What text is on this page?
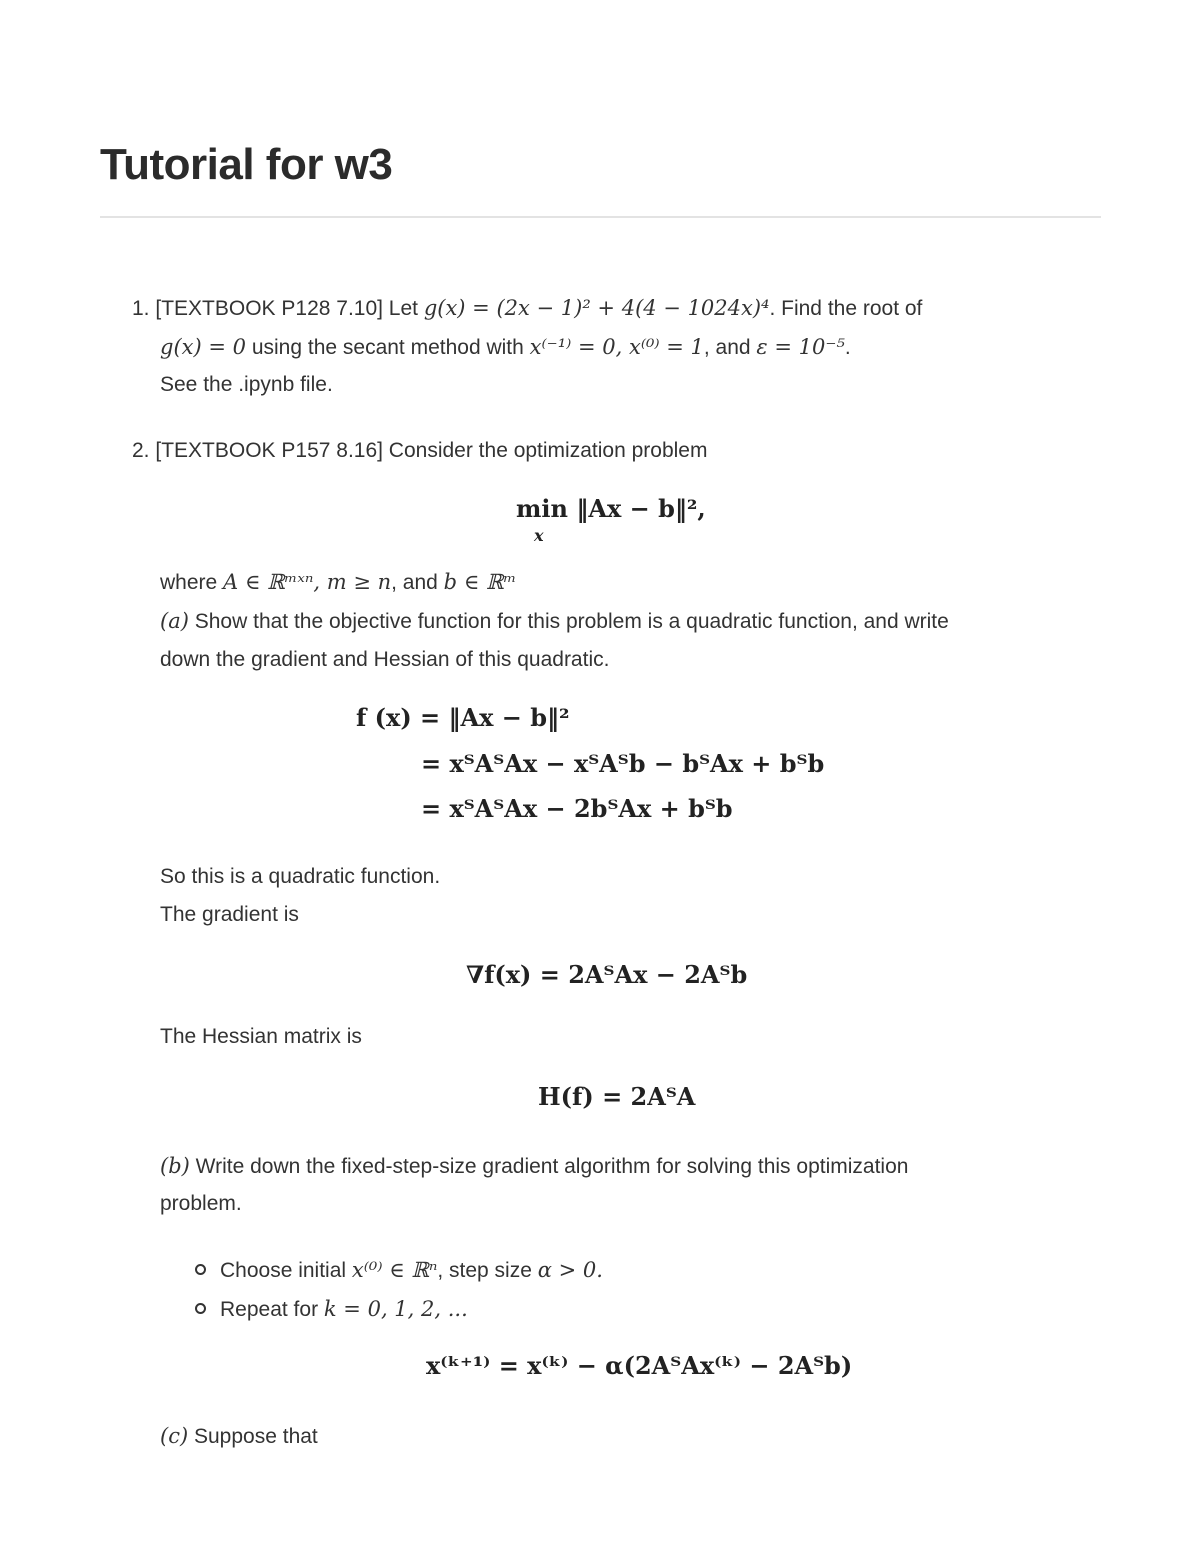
Tutorial for w3
1. [TEXTBOOK P128 7.10] Let g(x) = (2x − 1)² + 4(4 − 1024x)⁴. Find the root of
g(x) = 0 using the secant method with x⁽⁻¹⁾ = 0, x⁽⁰⁾ = 1, and ε = 10⁻⁵.
See the .ipynb file.
2. [TEXTBOOK P157 8.16] Consider the optimization problem
min ‖Ax − b‖²,
x
where A ∈ ℝᵐˣⁿ, m ≥ n, and b ∈ ℝᵐ
(a) Show that the objective function for this problem is a quadratic function, and write
down the gradient and Hessian of this quadratic.
f (x) = ‖Ax − b‖²
= xᵀAᵀAx − xᵀAᵀb − bᵀAx + bᵀb
= xᵀAᵀAx − 2bᵀAx + bᵀb
So this is a quadratic function.
The gradient is
∇f(x) = 2AᵀAx − 2Aᵀb
The Hessian matrix is
H(f) = 2AᵀA
(b) Write down the fixed-step-size gradient algorithm for solving this optimization
problem.
Choose initial x⁽⁰⁾ ∈ ℝⁿ, step size α > 0.
Repeat for k = 0, 1, 2, ...
x⁽ᵏ⁺¹⁾ = x⁽ᵏ⁾ − α(2AᵀAx⁽ᵏ⁾ − 2Aᵀb)
(c) Suppose that
